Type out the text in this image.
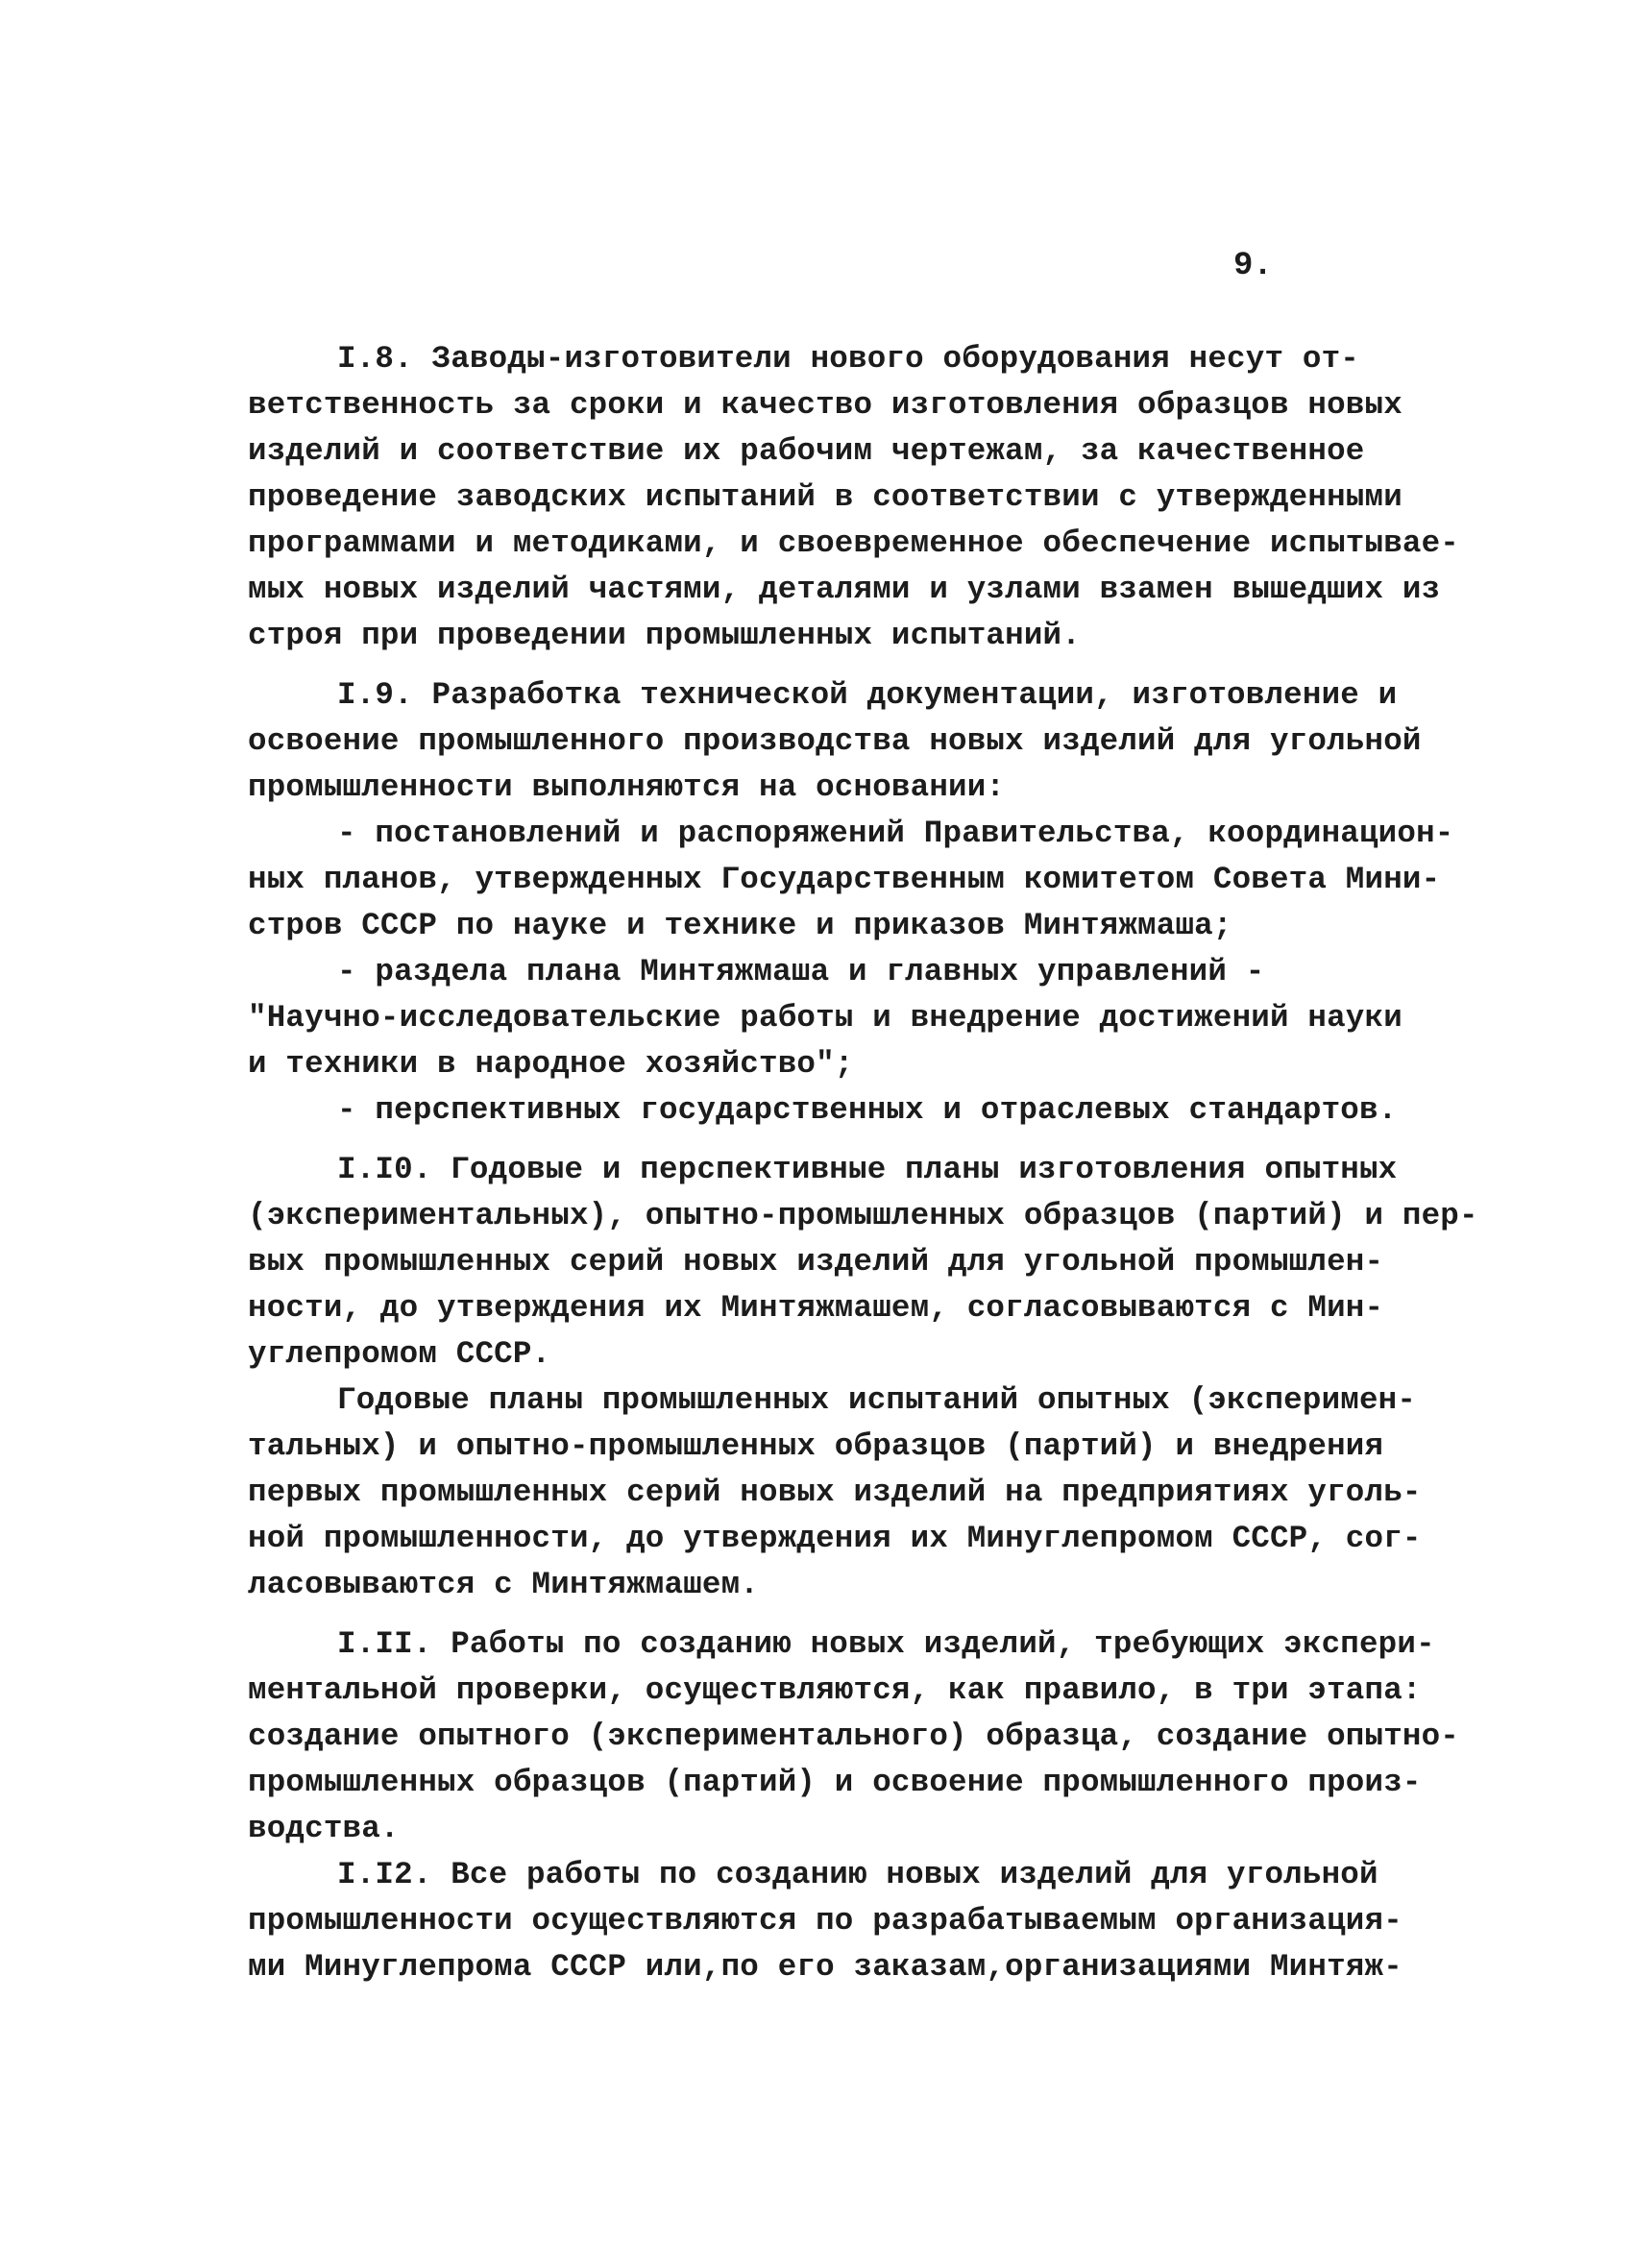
9.
I.8. Заводы-изготовители нового оборудования несут от-
ветственность за сроки и качество изготовления образцов новых
изделий и соответствие их рабочим чертежам, за качественное
проведение заводских испытаний в соответствии с утвержденными
программами и методиками, и своевременное обеспечение испытывае-
мых новых изделий частями, деталями и узлами взамен вышедших из
строя при проведении промышленных испытаний.
I.9. Разработка технической документации, изготовление и
освоение промышленного производства новых изделий для угольной
промышленности выполняются на основании:
- постановлений и распоряжений Правительства, координацион-
ных планов, утвержденных Государственным комитетом Совета Мини-
стров СССР по науке и технике и приказов Минтяжмаша;
- раздела плана Минтяжмаша и главных управлений -
"Научно-исследовательские работы и внедрение достижений науки
и техники в народное хозяйство";
- перспективных государственных и отраслевых стандартов.
I.I0. Годовые и перспективные планы изготовления опытных
(экспериментальных), опытно-промышленных образцов (партий) и пер-
вых промышленных серий новых изделий для угольной промышлен-
ности, до утверждения их Минтяжмашем, согласовываются с Мин-
углепромом СССР.
Годовые планы промышленных испытаний опытных (эксперимен-
тальных) и опытно-промышленных образцов (партий) и внедрения
первых промышленных серий новых изделий на предприятиях уголь-
ной промышленности, до утверждения их Минуглепромом СССР, сог-
ласовываются с Минтяжмашем.
I.II. Работы по созданию новых изделий, требующих экспери-
ментальной проверки, осуществляются, как правило, в три этапа:
создание опытного (экспериментального) образца, создание опытно-
промышленных образцов (партий) и освоение промышленного произ-
водства.
I.I2. Все работы по созданию новых изделий для угольной
промышленности осуществляются по разрабатываемым организация-
ми Минуглепрома СССР или,по его заказам,организациями Минтяж-
